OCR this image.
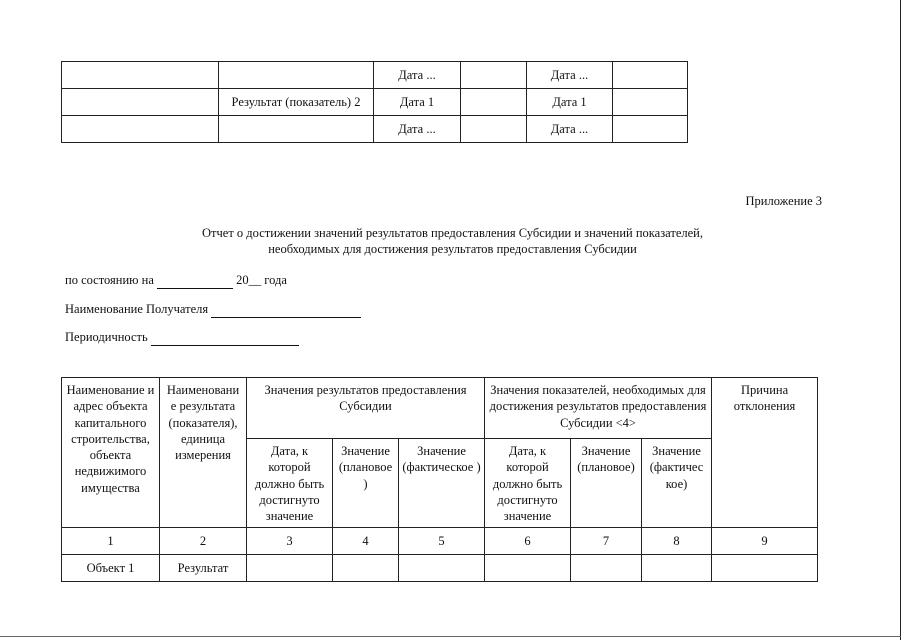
		Дата ...		Дата ...	
	Результат (показатель) 2	Дата 1		Дата 1	
		Дата ...		Дата ...	
Приложение 3
Отчет о достижении значений результатов предоставления Субсидии и значений показателей,
необходимых для достижения результатов предоставления Субсидии
по состоянию на	20__ года
Наименование Получателя
Периодичность
Наименование и адрес объекта капитального строительства, объекта недвижимого имущества	Наименовани е результата (показателя), единица измерения	Значения результатов предоставления Субсидии			Значения показателей, необходимых для достижения результатов предоставления Субсидии <4>			Причина отклонения
		Дата, к которой должно быть достигнуто значение	Значение (плановое )	Значение (фактическое )	Дата, к которой должно быть достигнуто значение	Значение (плановое)	Значение (фактичес кое)	
1	2	3	4	5	6	7	8	9
Объект 1	Результат							
